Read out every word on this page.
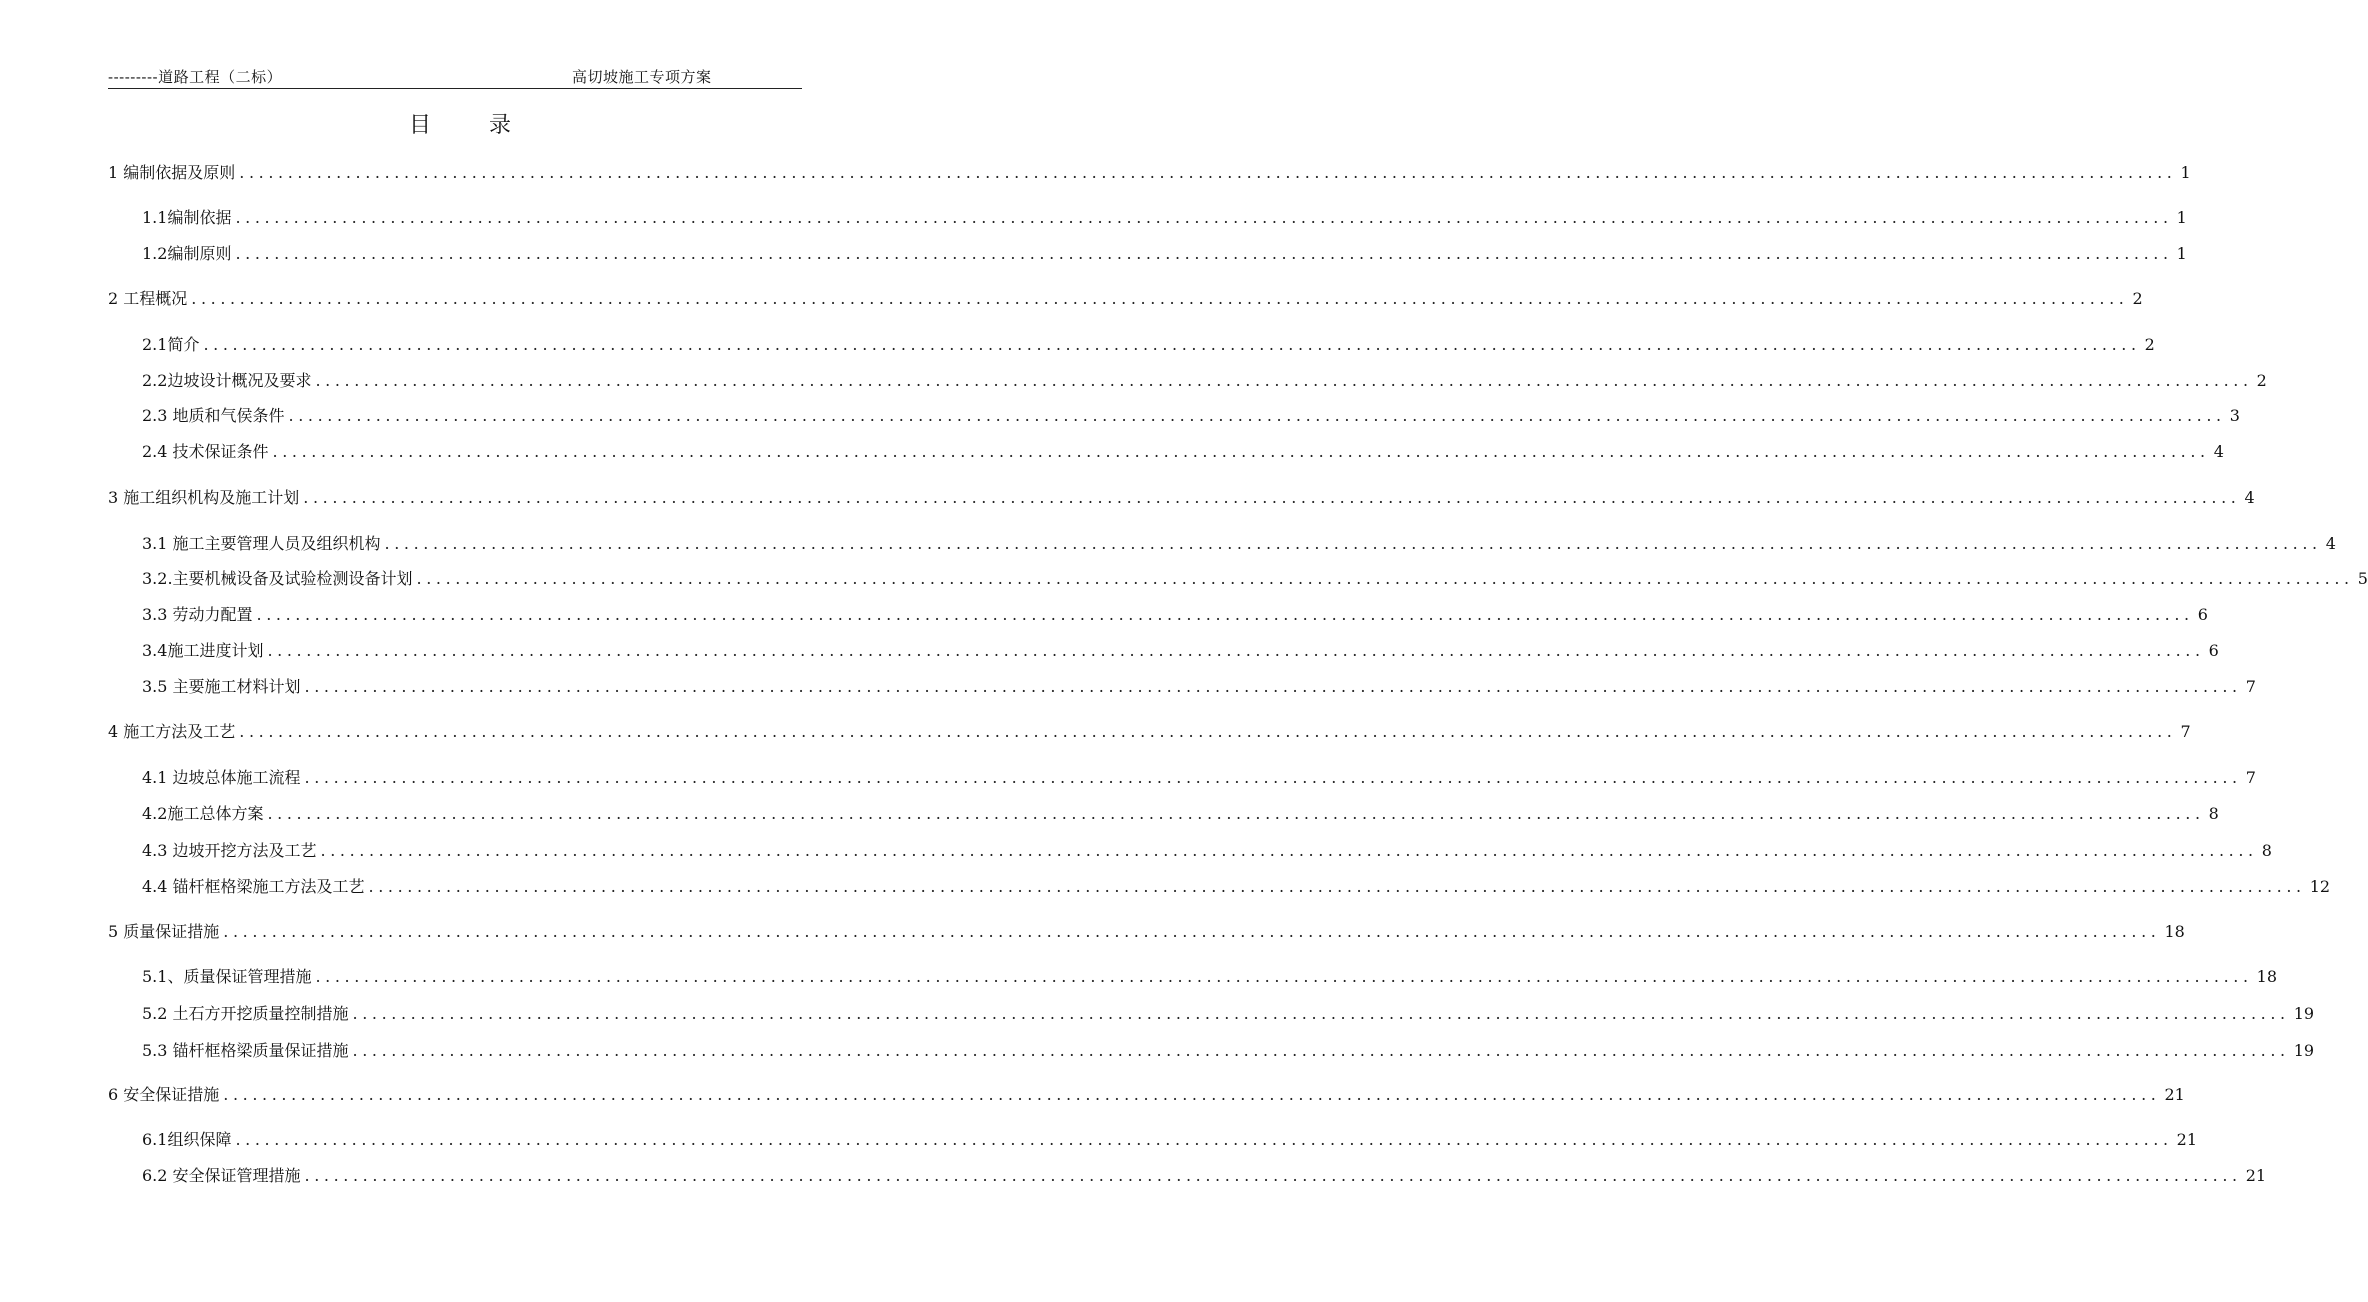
---------道路工程（二标）	高切坡施工专项方案
目	录
1 编制依据及原则 ........................................................................................................................................................................................................ 1
1.1编制依据 ........................................................................................................................................................................................................ 1
1.2编制原则 ........................................................................................................................................................................................................ 1
2 工程概况 ........................................................................................................................................................................................................ 2
2.1简介 ........................................................................................................................................................................................................ 2
2.2边坡设计概况及要求 ........................................................................................................................................................................................................ 2
2.3 地质和气侯条件 ........................................................................................................................................................................................................ 3
2.4 技术保证条件 ........................................................................................................................................................................................................ 4
3 施工组织机构及施工计划 ........................................................................................................................................................................................................ 4
3.1 施工主要管理人员及组织机构 ........................................................................................................................................................................................................ 4
3.2.主要机械设备及试验检测设备计划 ........................................................................................................................................................................................................ 5
3.3 劳动力配置 ........................................................................................................................................................................................................ 6
3.4施工进度计划 ........................................................................................................................................................................................................ 6
3.5 主要施工材料计划 ........................................................................................................................................................................................................ 7
4 施工方法及工艺 ........................................................................................................................................................................................................ 7
4.1 边坡总体施工流程 ........................................................................................................................................................................................................ 7
4.2施工总体方案 ........................................................................................................................................................................................................ 8
4.3 边坡开挖方法及工艺 ........................................................................................................................................................................................................ 8
4.4 锚杆框格梁施工方法及工艺 ........................................................................................................................................................................................................ 12
5 质量保证措施 ........................................................................................................................................................................................................ 18
5.1、质量保证管理措施 ........................................................................................................................................................................................................ 18
5.2 土石方开挖质量控制措施 ........................................................................................................................................................................................................ 19
5.3 锚杆框格梁质量保证措施 ........................................................................................................................................................................................................ 19
6 安全保证措施 ........................................................................................................................................................................................................ 21
6.1组织保障 ........................................................................................................................................................................................................ 21
6.2 安全保证管理措施 ........................................................................................................................................................................................................ 21
